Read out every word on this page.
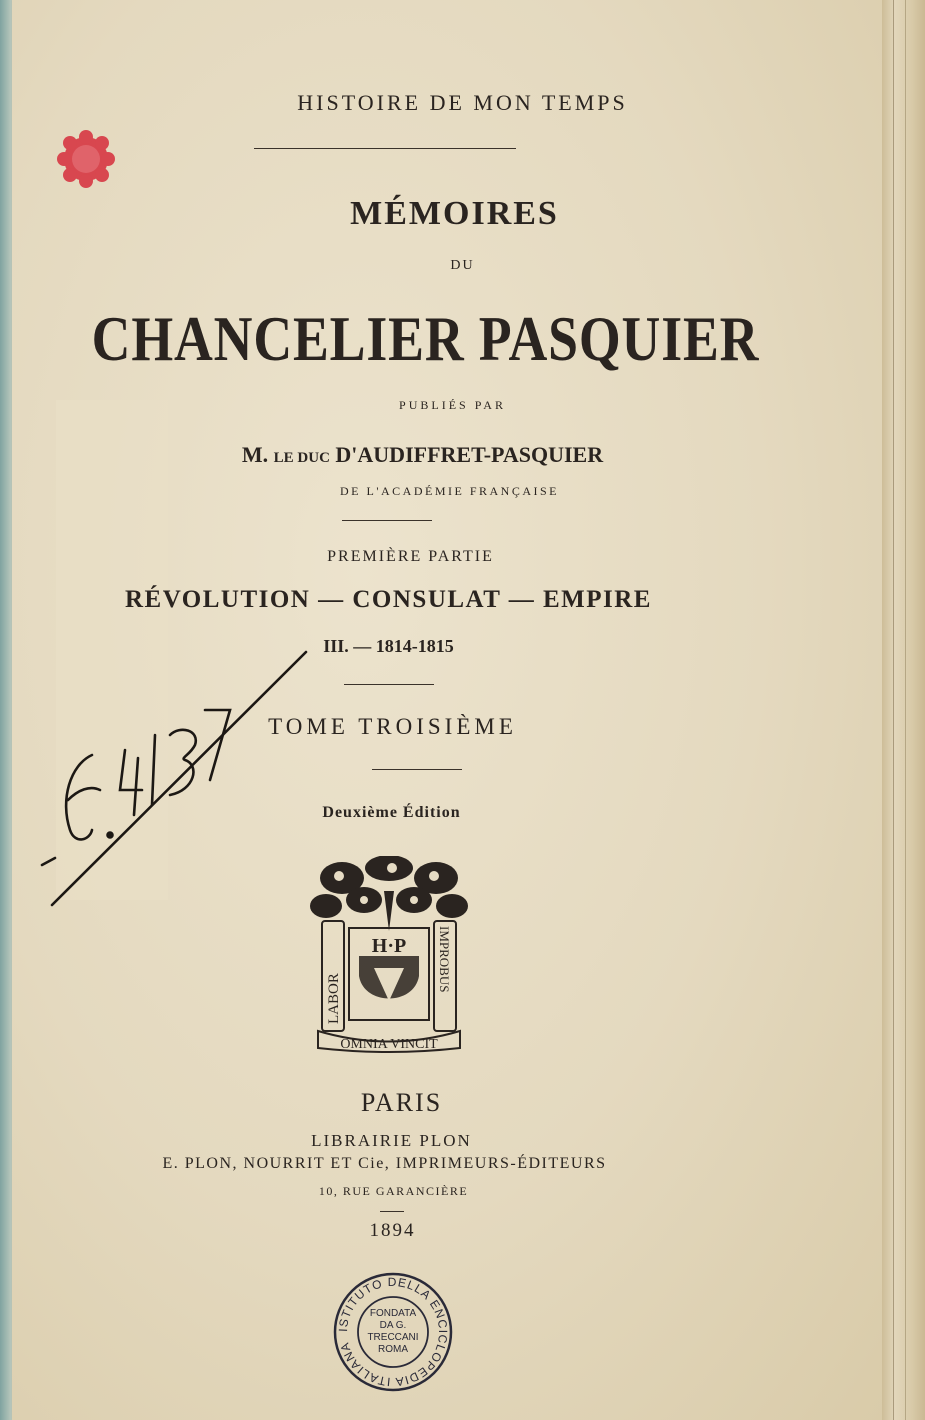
HISTOIRE DE MON TEMPS
MÉMOIRES
DU
CHANCELIER PASQUIER
PUBLIÉS PAR
M. LE DUC D'AUDIFFRET-PASQUIER
DE L'ACADÉMIE FRANÇAISE
PREMIÈRE PARTIE
RÉVOLUTION — CONSULAT — EMPIRE
III. — 1814-1815
TOME TROISIÈME
Deuxième Édition
H·P
LABOR
IMPROBUS
OMNIA VINCIT
PARIS
LIBRAIRIE PLON
E. PLON, NOURRIT ET Cie, IMPRIMEURS-ÉDITEURS
10, RUE GARANCIÈRE
1894
ISTITUTO DELLA ENCICLOPEDIA ITALIANA
FONDATA DA G. TRECCANI ROMA
